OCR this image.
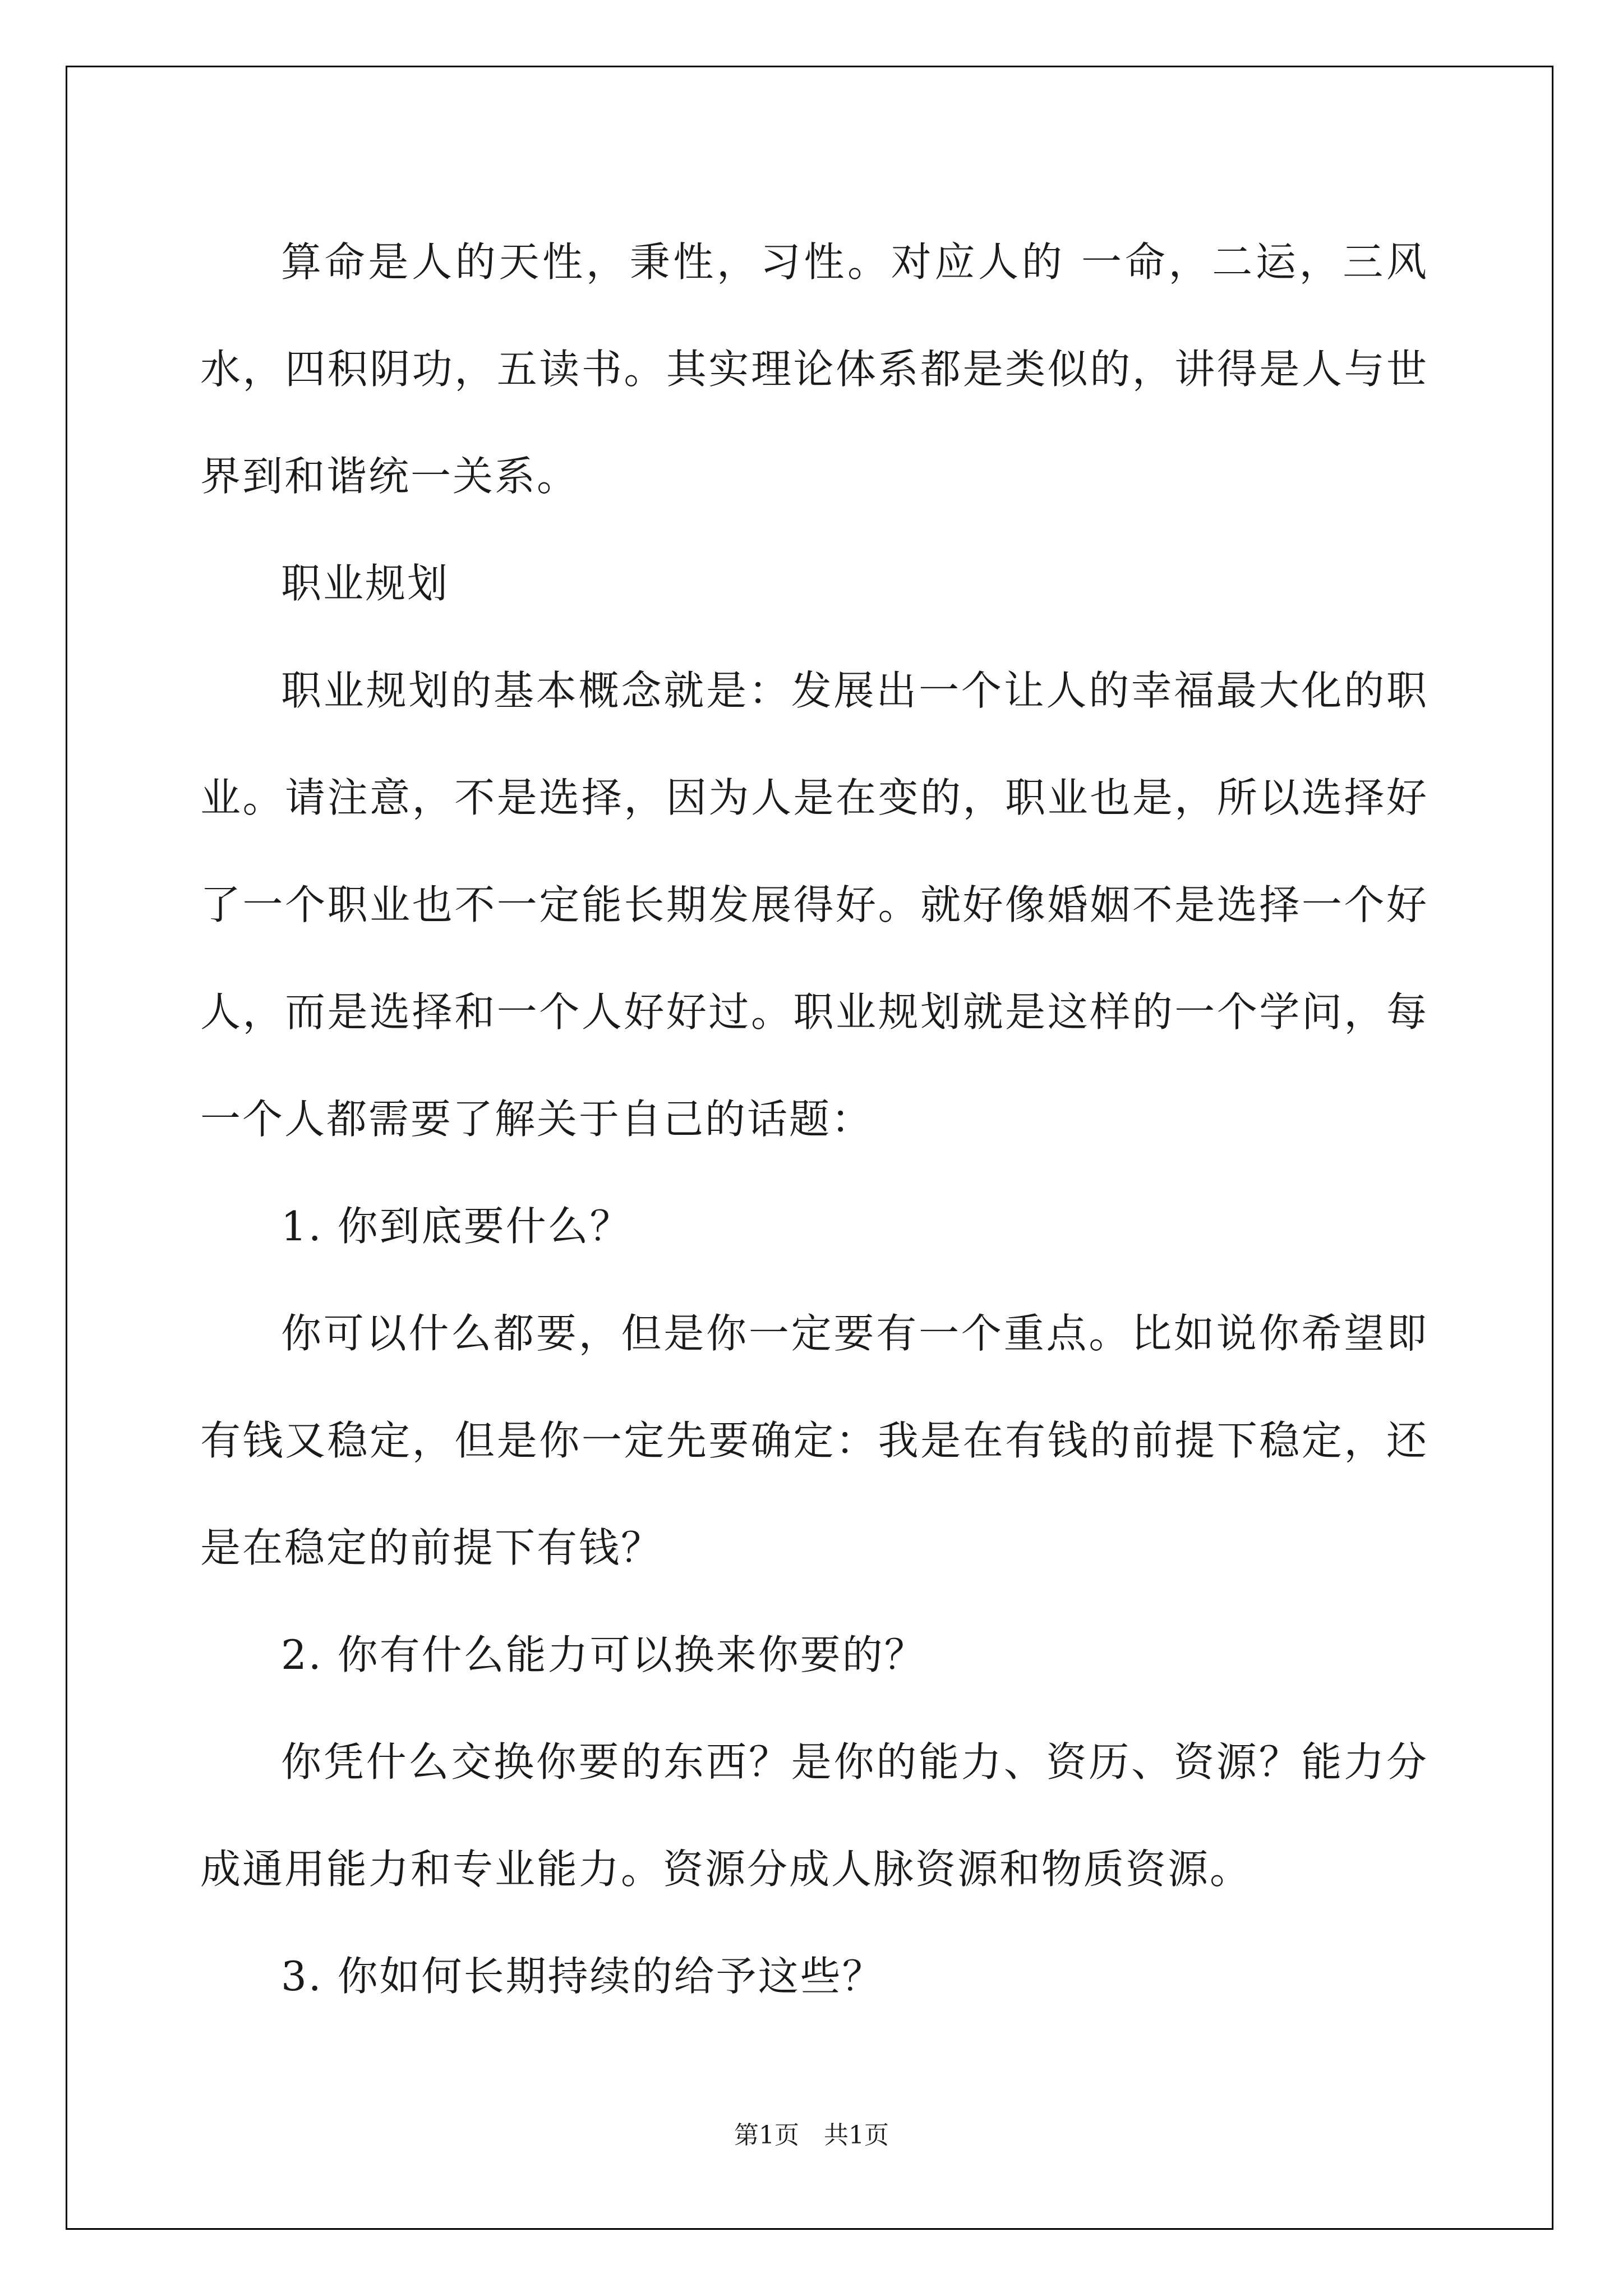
算命是人的天性，秉性，习性。对应人的 一命，二运，三风水，四积阴功，五读书。其实理论体系都是类似的，讲得是人与世界到和谐统一关系。

职业规划

职业规划的基本概念就是：发展出一个让人的幸福最大化的职业。请注意，不是选择，因为人是在变的，职业也是，所以选择好了一个职业也不一定能长期发展得好。就好像婚姻不是选择一个好人，而是选择和一个人好好过。职业规划就是这样的一个学问，每一个人都需要了解关于自己的话题：

1. 你到底要什么？

你可以什么都要，但是你一定要有一个重点。比如说你希望即有钱又稳定，但是你一定先要确定：我是在有钱的前提下稳定，还是在稳定的前提下有钱？

2. 你有什么能力可以换来你要的？

你凭什么交换你要的东西？是你的能力、资历、资源？能力分成通用能力和专业能力。资源分成人脉资源和物质资源。

3. 你如何长期持续的给予这些？

第1页　共1页
